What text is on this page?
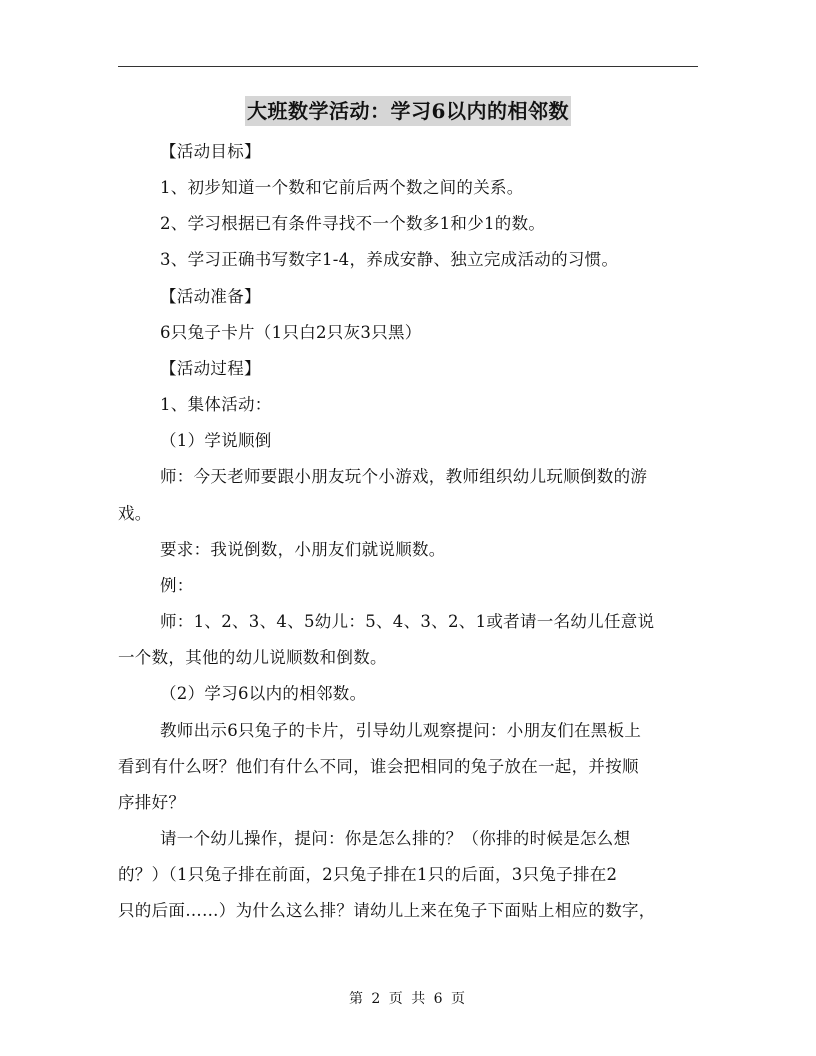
大班数学活动：学习6以内的相邻数
【活动目标】
1、初步知道一个数和它前后两个数之间的关系。
2、学习根据已有条件寻找不一个数多1和少1的数。
3、学习正确书写数字1-4，养成安静、独立完成活动的习惯。
【活动准备】
6只兔子卡片（1只白2只灰3只黑）
【活动过程】
1、集体活动：
（1）学说顺倒
师：今天老师要跟小朋友玩个小游戏，教师组织幼儿玩顺倒数的游
戏。
要求：我说倒数，小朋友们就说顺数。
例：
师：1、2、3、4、5幼儿：5、4、3、2、1或者请一名幼儿任意说
一个数，其他的幼儿说顺数和倒数。
（2）学习6以内的相邻数。
教师出示6只兔子的卡片，引导幼儿观察提问：小朋友们在黑板上
看到有什么呀？他们有什么不同，谁会把相同的兔子放在一起，并按顺
序排好？
请一个幼儿操作，提问：你是怎么排的？（你排的时候是怎么想
的？）（1只兔子排在前面，2只兔子排在1只的后面，3只兔子排在2
只的后面……）为什么这么排？请幼儿上来在兔子下面贴上相应的数字，
第 2 页 共 6 页
